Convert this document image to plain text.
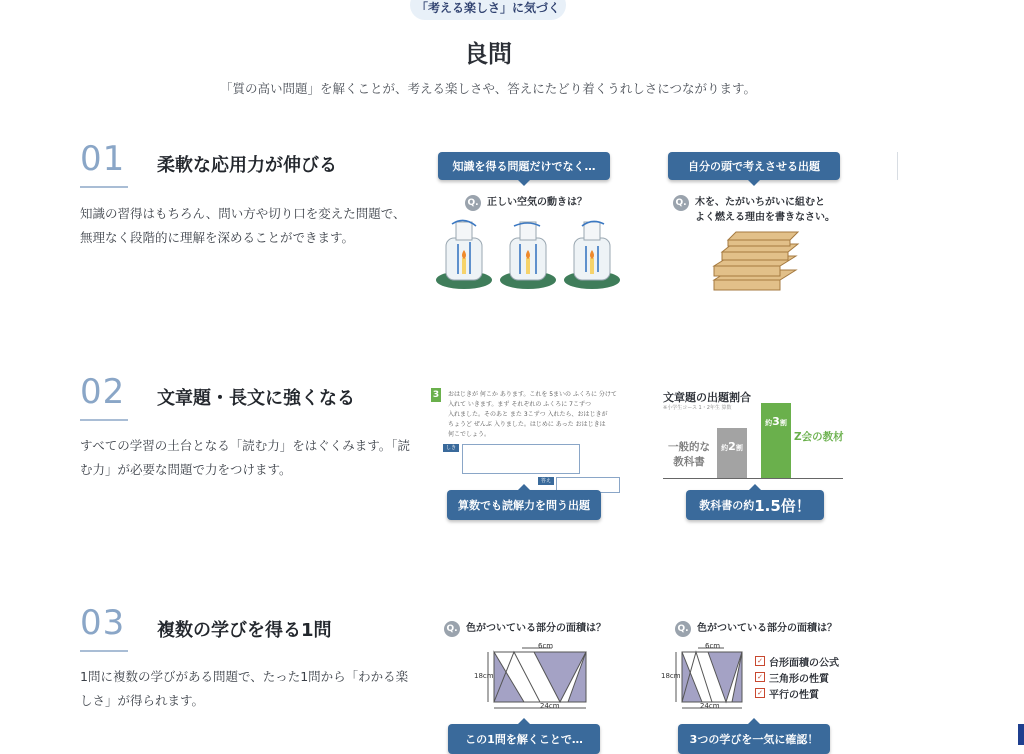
「考える楽しさ」に気づく
良問
「質の高い問題」を解くことが、考える楽しさや、答えにたどり着くうれしさにつながります。
01 柔軟な応用力が伸びる
知識の習得はもちろん、問い方や切り口を変えた問題で、無理なく段階的に理解を深めることができます。
知識を得る問題だけでなく…
Q. 正しい空気の動きは？
自分の頭で考えさせる出題
Q. 木を、たがいちがいに組むと
よく燃える理由を書きなさい。
02 文章題・長文に強くなる
すべての学習の土台となる「読む力」をはぐくみます。「読む力」が必要な問題で力をつけます。
3	おはじきが 何こか あります。これを 5まいの ふくろに 分けて
入れて いきます。まず それぞれの ふくろに 7こずつ
入れました。そのあと また 3こずつ 入れたら、おはじきが
ちょうど ぜんぶ 入りました。はじめに あった おはじきは
何こでしょう。
しき
答え
算数でも読解力を問う出題
文章題の出題割合
※小学生コース 1・2年生 算数
一般的な
教科書
Z会の教材
約2割
約3割
教科書の約 1.5倍！
03 複数の学びを得る1問
1問に複数の学びがある問題で、たった1問から「わかる楽しさ」が得られます。
Q. 色がついている部分の面積は？
6cm
18cm
24cm
この1問を解くことで…
Q. 色がついている部分の面積は？
6cm
18cm
24cm
✓ 台形面積の公式
✓ 三角形の性質
✓ 平行の性質
3つの学びを一気に確認！
